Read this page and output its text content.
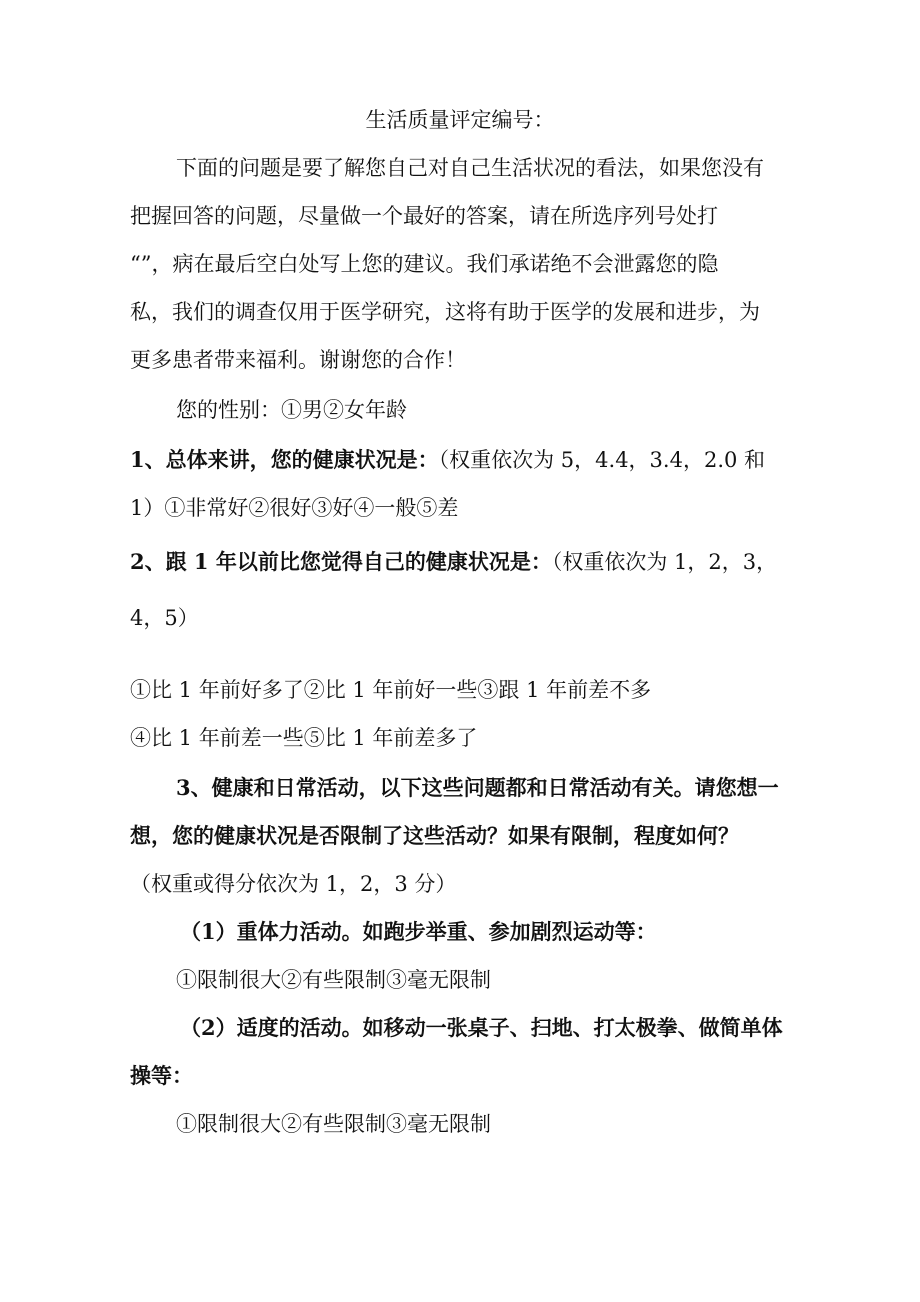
生活质量评定编号：
下面的问题是要了解您自己对自己生活状况的看法，如果您没有
把握回答的问题，尽量做一个最好的答案，请在所选序列号处打
“”，病在最后空白处写上您的建议。我们承诺绝不会泄露您的隐
私，我们的调查仅用于医学研究，这将有助于医学的发展和进步，为
更多患者带来福利。谢谢您的合作！
您的性别：①男②女年龄
1、总体来讲，您的健康状况是：（权重依次为 5，4.4，3.4，2.0 和
1）①非常好②很好③好④一般⑤差
2、跟 1 年以前比您觉得自己的健康状况是：（权重依次为 1，2，3，
4，5）
①比 1 年前好多了②比 1 年前好一些③跟 1 年前差不多
④比 1 年前差一些⑤比 1 年前差多了
3、健康和日常活动，以下这些问题都和日常活动有关。请您想一
想，您的健康状况是否限制了这些活动？如果有限制，程度如何？
（权重或得分依次为 1，2，3 分）
（1）重体力活动。如跑步举重、参加剧烈运动等：
①限制很大②有些限制③毫无限制
（2）适度的活动。如移动一张桌子、扫地、打太极拳、做简单体
操等：
①限制很大②有些限制③毫无限制
